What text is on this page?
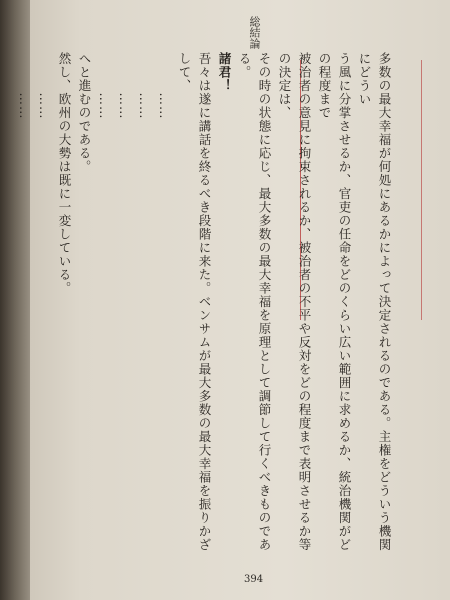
総結論
多数の最大幸福が何処にあるかによって決定されるのである。主権をどういう機関にどうい
う風に分掌させるか、官吏の任命をどのくらい広い範囲に求めるか、統治機関がどの程度まで
被治者の意見に拘束されるか、被治者の不平や反対をどの程度まで表明させるか等の決定は、
その時の状態に応じ、最大多数の最大幸福を原理として調節して行くべきものである。
諸君！
吾々は遂に講話を終るべき段階に来た。ベンサムが最大多数の最大幸福を振りかざして、
　　　……
　　　……
　　　……
　　　……
へと進むのである。
然し、欧州の大勢は既に一変している。
　　　……
　　　……
394
